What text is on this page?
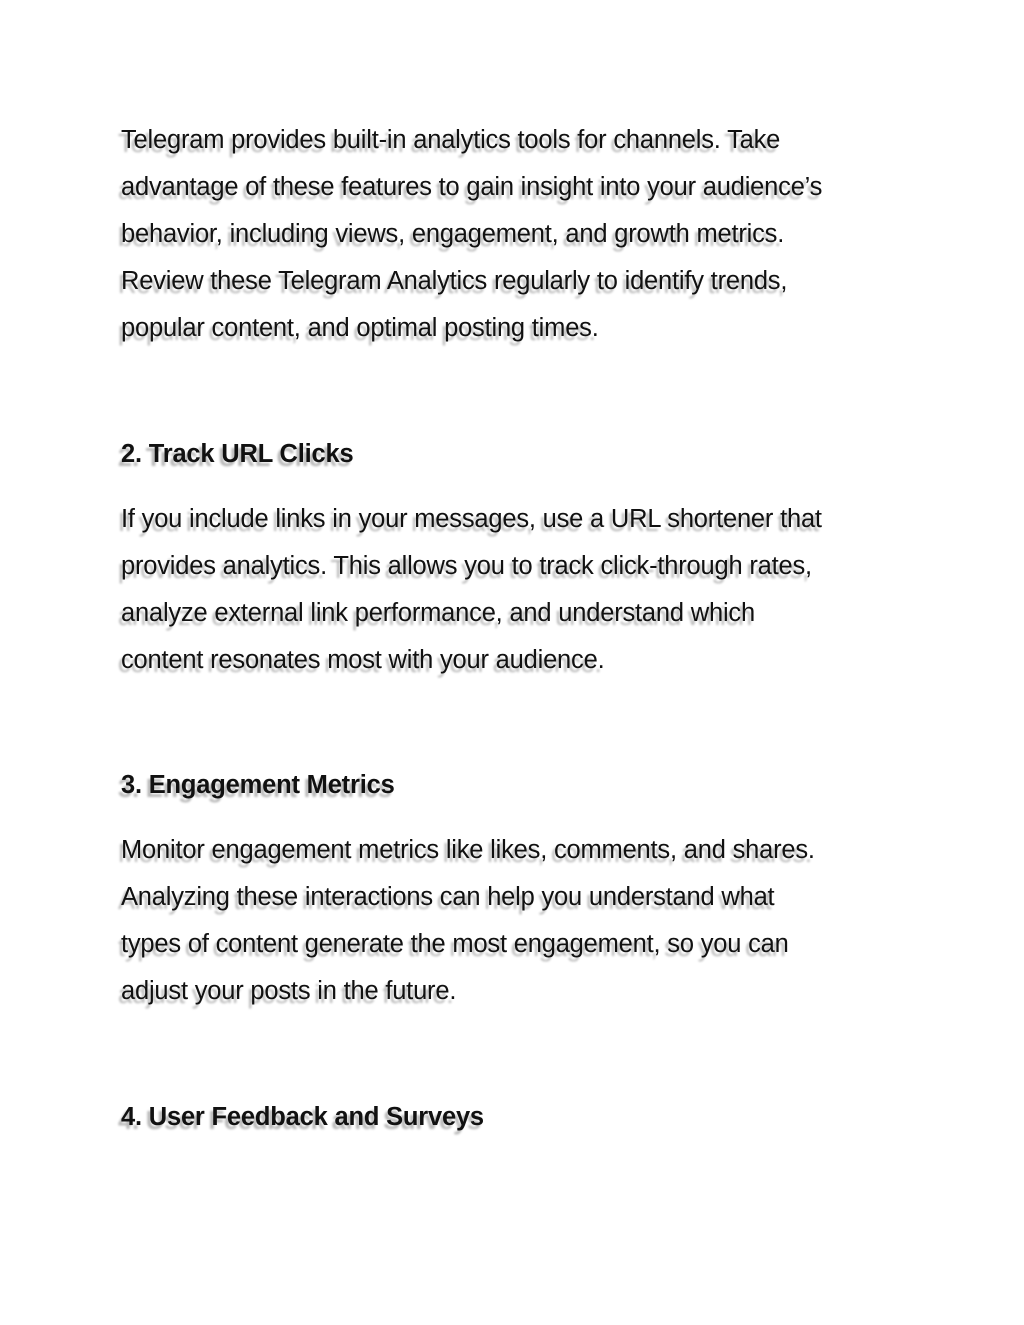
Telegram provides built-in analytics tools for channels. Take
advantage of these features to gain insight into your audience’s
behavior, including views, engagement, and growth metrics.
Review these Telegram Analytics regularly to identify trends,
popular content, and optimal posting times.

2. Track URL Clicks

If you include links in your messages, use a URL shortener that
provides analytics. This allows you to track click-through rates,
analyze external link performance, and understand which
content resonates most with your audience.

3. Engagement Metrics

Monitor engagement metrics like likes, comments, and shares.
Analyzing these interactions can help you understand what
types of content generate the most engagement, so you can
adjust your posts in the future.

4. User Feedback and Surveys
